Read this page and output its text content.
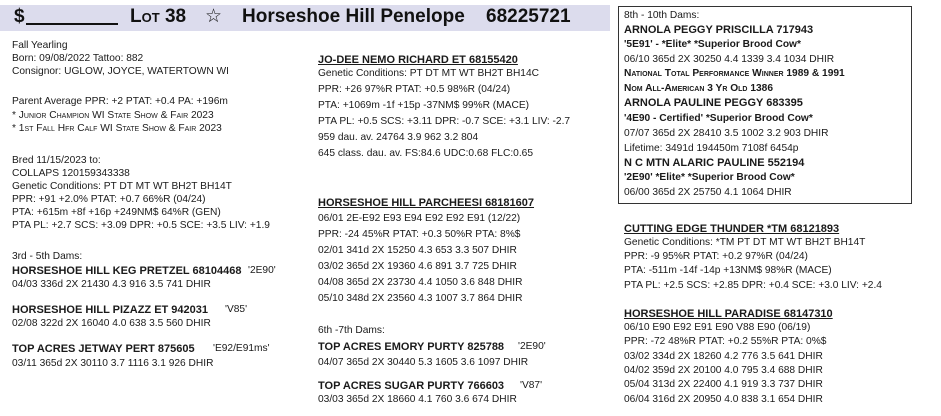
$	Lot 38 ☆ Horseshoe Hill Penelope 68225721
Fall Yearling
Born: 09/08/2022 Tattoo: 882
Consignor: UGLOW, JOYCE, WATERTOWN WI
Parent Average PPR: +2 PTAT: +0.4 PA: +196m
* Junior Champion WI State Show & Fair 2023
* 1st Fall Hfr Calf WI State Show & Fair 2023
Bred 11/15/2023 to:
COLLAPS 120159343338
Genetic Conditions: PT DT MT WT BH2T BH14T
PPR: +91 +2.0% PTAT: +0.7 66%R (04/24)
PTA: +615m +8f +16p +249NM$ 64%R (GEN)
PTA PL: +2.7 SCS: +3.09 DPR: +0.5 SCE: +3.5 LIV: +1.9
3rd - 5th Dams:
HORSESHOE HILL KEG PRETZEL 68104468 '2E90'
04/03 336d 2X 21430 4.3 916 3.5 741 DHIR
HORSESHOE HILL PIZAZZ ET 942031 'V85'
02/08 322d 2X 16040 4.0 638 3.5 560 DHIR
TOP ACRES JETWAY PERT 875605 'E92/E91ms'
03/11 365d 2X 30110 3.7 1116 3.1 926 DHIR
JO-DEE NEMO RICHARD ET 68155420
Genetic Conditions: PT DT MT WT BH2T BH14C
PPR: +26 97%R PTAT: +0.5 98%R (04/24)
PTA: +1069m -1f +15p -37NM$ 99%R (MACE)
PTA PL: +0.5 SCS: +3.11 DPR: -0.7 SCE: +3.1 LIV: -2.7
959 dau. av. 24764 3.9 962 3.2 804
645 class. dau. av. FS:84.6 UDC:0.68 FLC:0.65
HORSESHOE HILL PARCHEESI 68181607
06/01 2E-E92 E93 E94 E92 E92 E91 (12/22)
PPR: -24 45%R PTAT: +0.3 50%R PTA: 8%$
02/01 341d 2X 15250 4.3 653 3.3 507 DHIR
03/02 365d 2X 19360 4.6 891 3.7 725 DHIR
04/08 365d 2X 23730 4.4 1050 3.6 848 DHIR
05/10 348d 2X 23560 4.3 1007 3.7 864 DHIR
6th -7th Dams:
TOP ACRES EMORY PURTY 825788 '2E90'
04/07 365d 2X 30440 5.3 1605 3.6 1097 DHIR
TOP ACRES SUGAR PURTY 766603 'V87'
03/03 365d 2X 18660 4.1 760 3.6 674 DHIR
8th - 10th Dams:
ARNOLA PEGGY PRISCILLA 717943
'5E91' - *Elite* *Superior Brood Cow*
06/10 365d 2X 30250 4.4 1339 3.4 1034 DHIR
National Total Performance Winner 1989 & 1991
Nom All-American 3 Yr Old 1386
ARNOLA PAULINE PEGGY 683395
'4E90 - Certified' *Superior Brood Cow*
07/07 365d 2X 28410 3.5 1002 3.2 903 DHIR
Lifetime: 3491d 194450m 7108f 6454p
N C MTN ALARIC PAULINE 552194
'2E90' *Elite* *Superior Brood Cow*
06/00 365d 2X 25750 4.1 1064 DHIR
CUTTING EDGE THUNDER *TM 68121893
Genetic Conditions: *TM PT DT MT WT BH2T BH14T
PPR: -9 95%R PTAT: +0.2 97%R (04/24)
PTA: -511m -14f -14p +13NM$ 98%R (MACE)
PTA PL: +2.5 SCS: +2.85 DPR: +0.4 SCE: +3.0 LIV: +2.4
HORSESHOE HILL PARADISE 68147310
06/10 E90 E92 E91 E90 V88 E90 (06/19)
PPR: -72 48%R PTAT: +0.2 55%R PTA: 0%$
03/02 334d 2X 18260 4.2 776 3.5 641 DHIR
04/02 359d 2X 20100 4.0 795 3.4 688 DHIR
05/04 313d 2X 22400 4.1 919 3.3 737 DHIR
06/04 316d 2X 20950 4.0 838 3.1 654 DHIR
